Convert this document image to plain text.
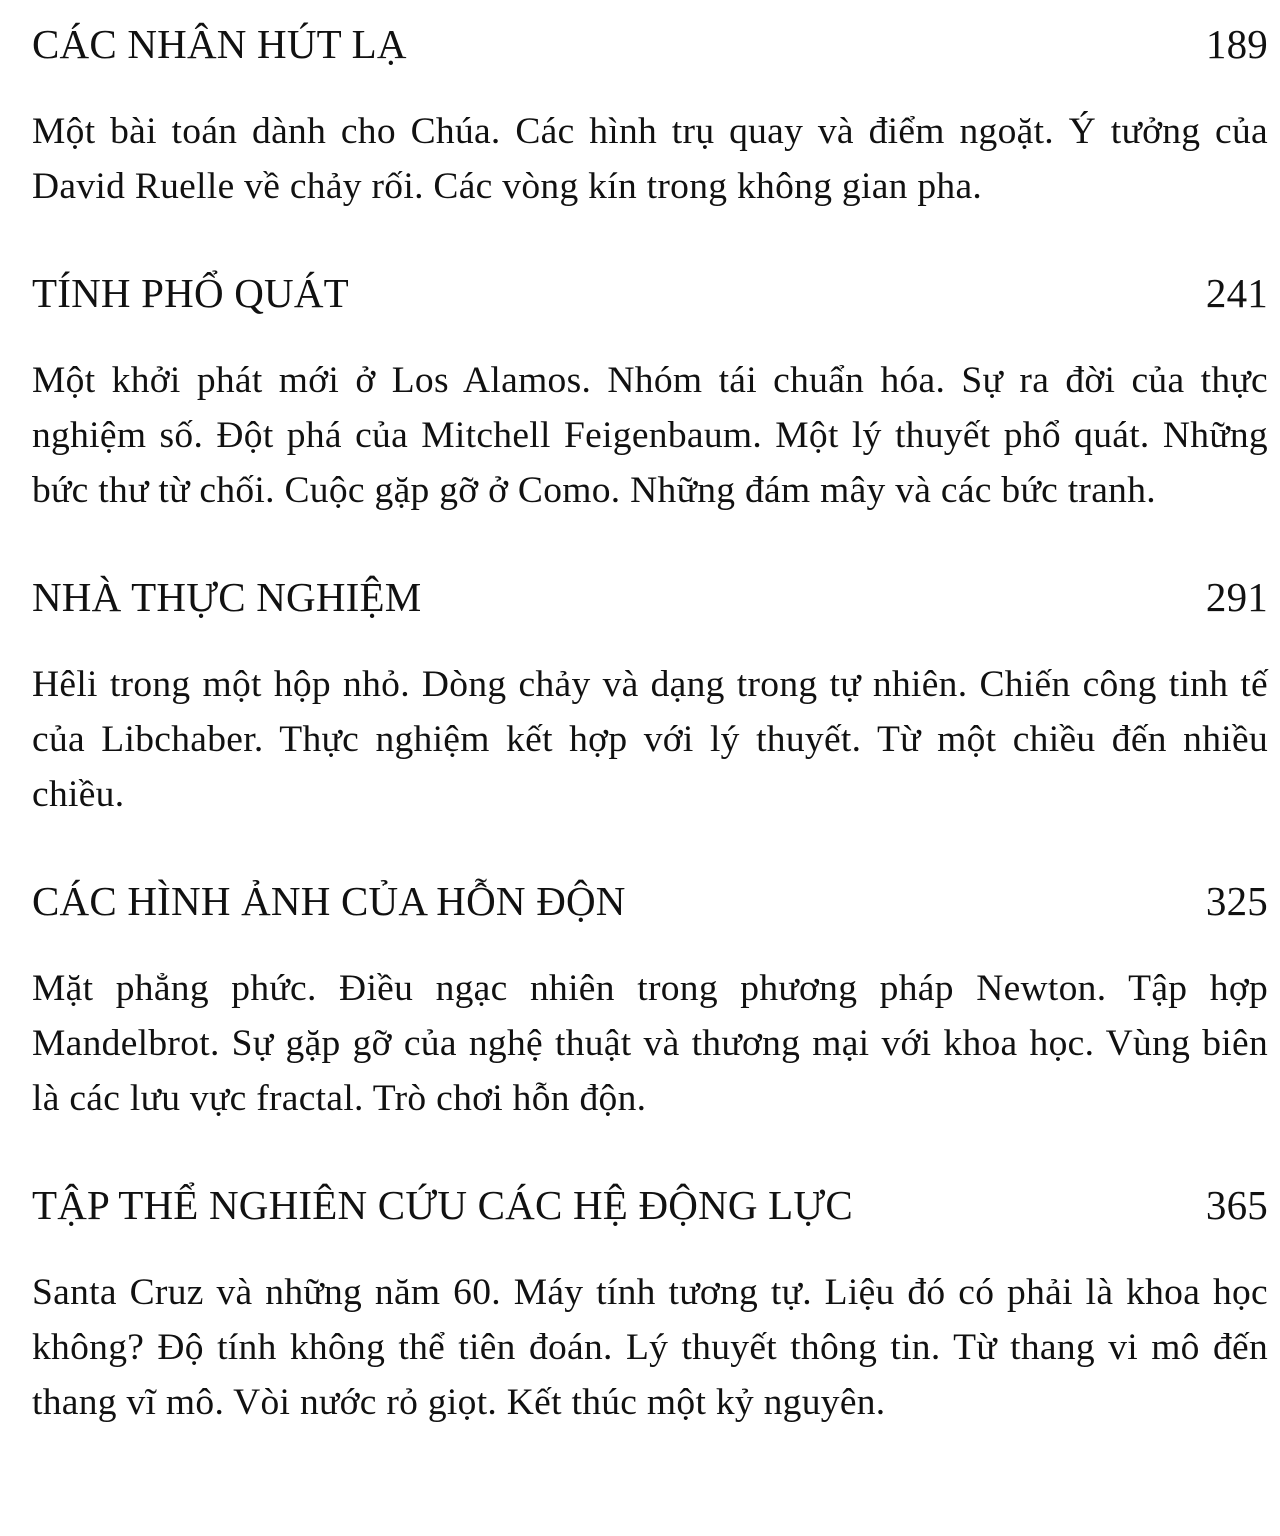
CÁC NHÂN HÚT LẠ	189
Một bài toán dành cho Chúa. Các hình trụ quay và điểm ngoặt. Ý tưởng của David Ruelle về chảy rối. Các vòng kín trong không gian pha.
TÍNH PHỔ QUÁT	241
Một khởi phát mới ở Los Alamos. Nhóm tái chuẩn hóa. Sự ra đời của thực nghiệm số. Đột phá của Mitchell Feigenbaum. Một lý thuyết phổ quát. Những bức thư từ chối. Cuộc gặp gỡ ở Como. Những đám mây và các bức tranh.
NHÀ THỰC NGHIỆM	291
Hêli trong một hộp nhỏ. Dòng chảy và dạng trong tự nhiên. Chiến công tinh tế của Libchaber. Thực nghiệm kết hợp với lý thuyết. Từ một chiều đến nhiều chiều.
CÁC HÌNH ẢNH CỦA HỖN ĐỘN	325
Mặt phẳng phức. Điều ngạc nhiên trong phương pháp Newton. Tập hợp Mandelbrot. Sự gặp gỡ của nghệ thuật và thương mại với khoa học. Vùng biên là các lưu vực fractal. Trò chơi hỗn độn.
TẬP THỂ NGHIÊN CỨU CÁC HỆ ĐỘNG LỰC	365
Santa Cruz và những năm 60. Máy tính tương tự. Liệu đó có phải là khoa học không? Độ tính không thể tiên đoán. Lý thuyết thông tin. Từ thang vi mô đến thang vĩ mô. Vòi nước rỏ giọt. Kết thúc một kỷ nguyên.
